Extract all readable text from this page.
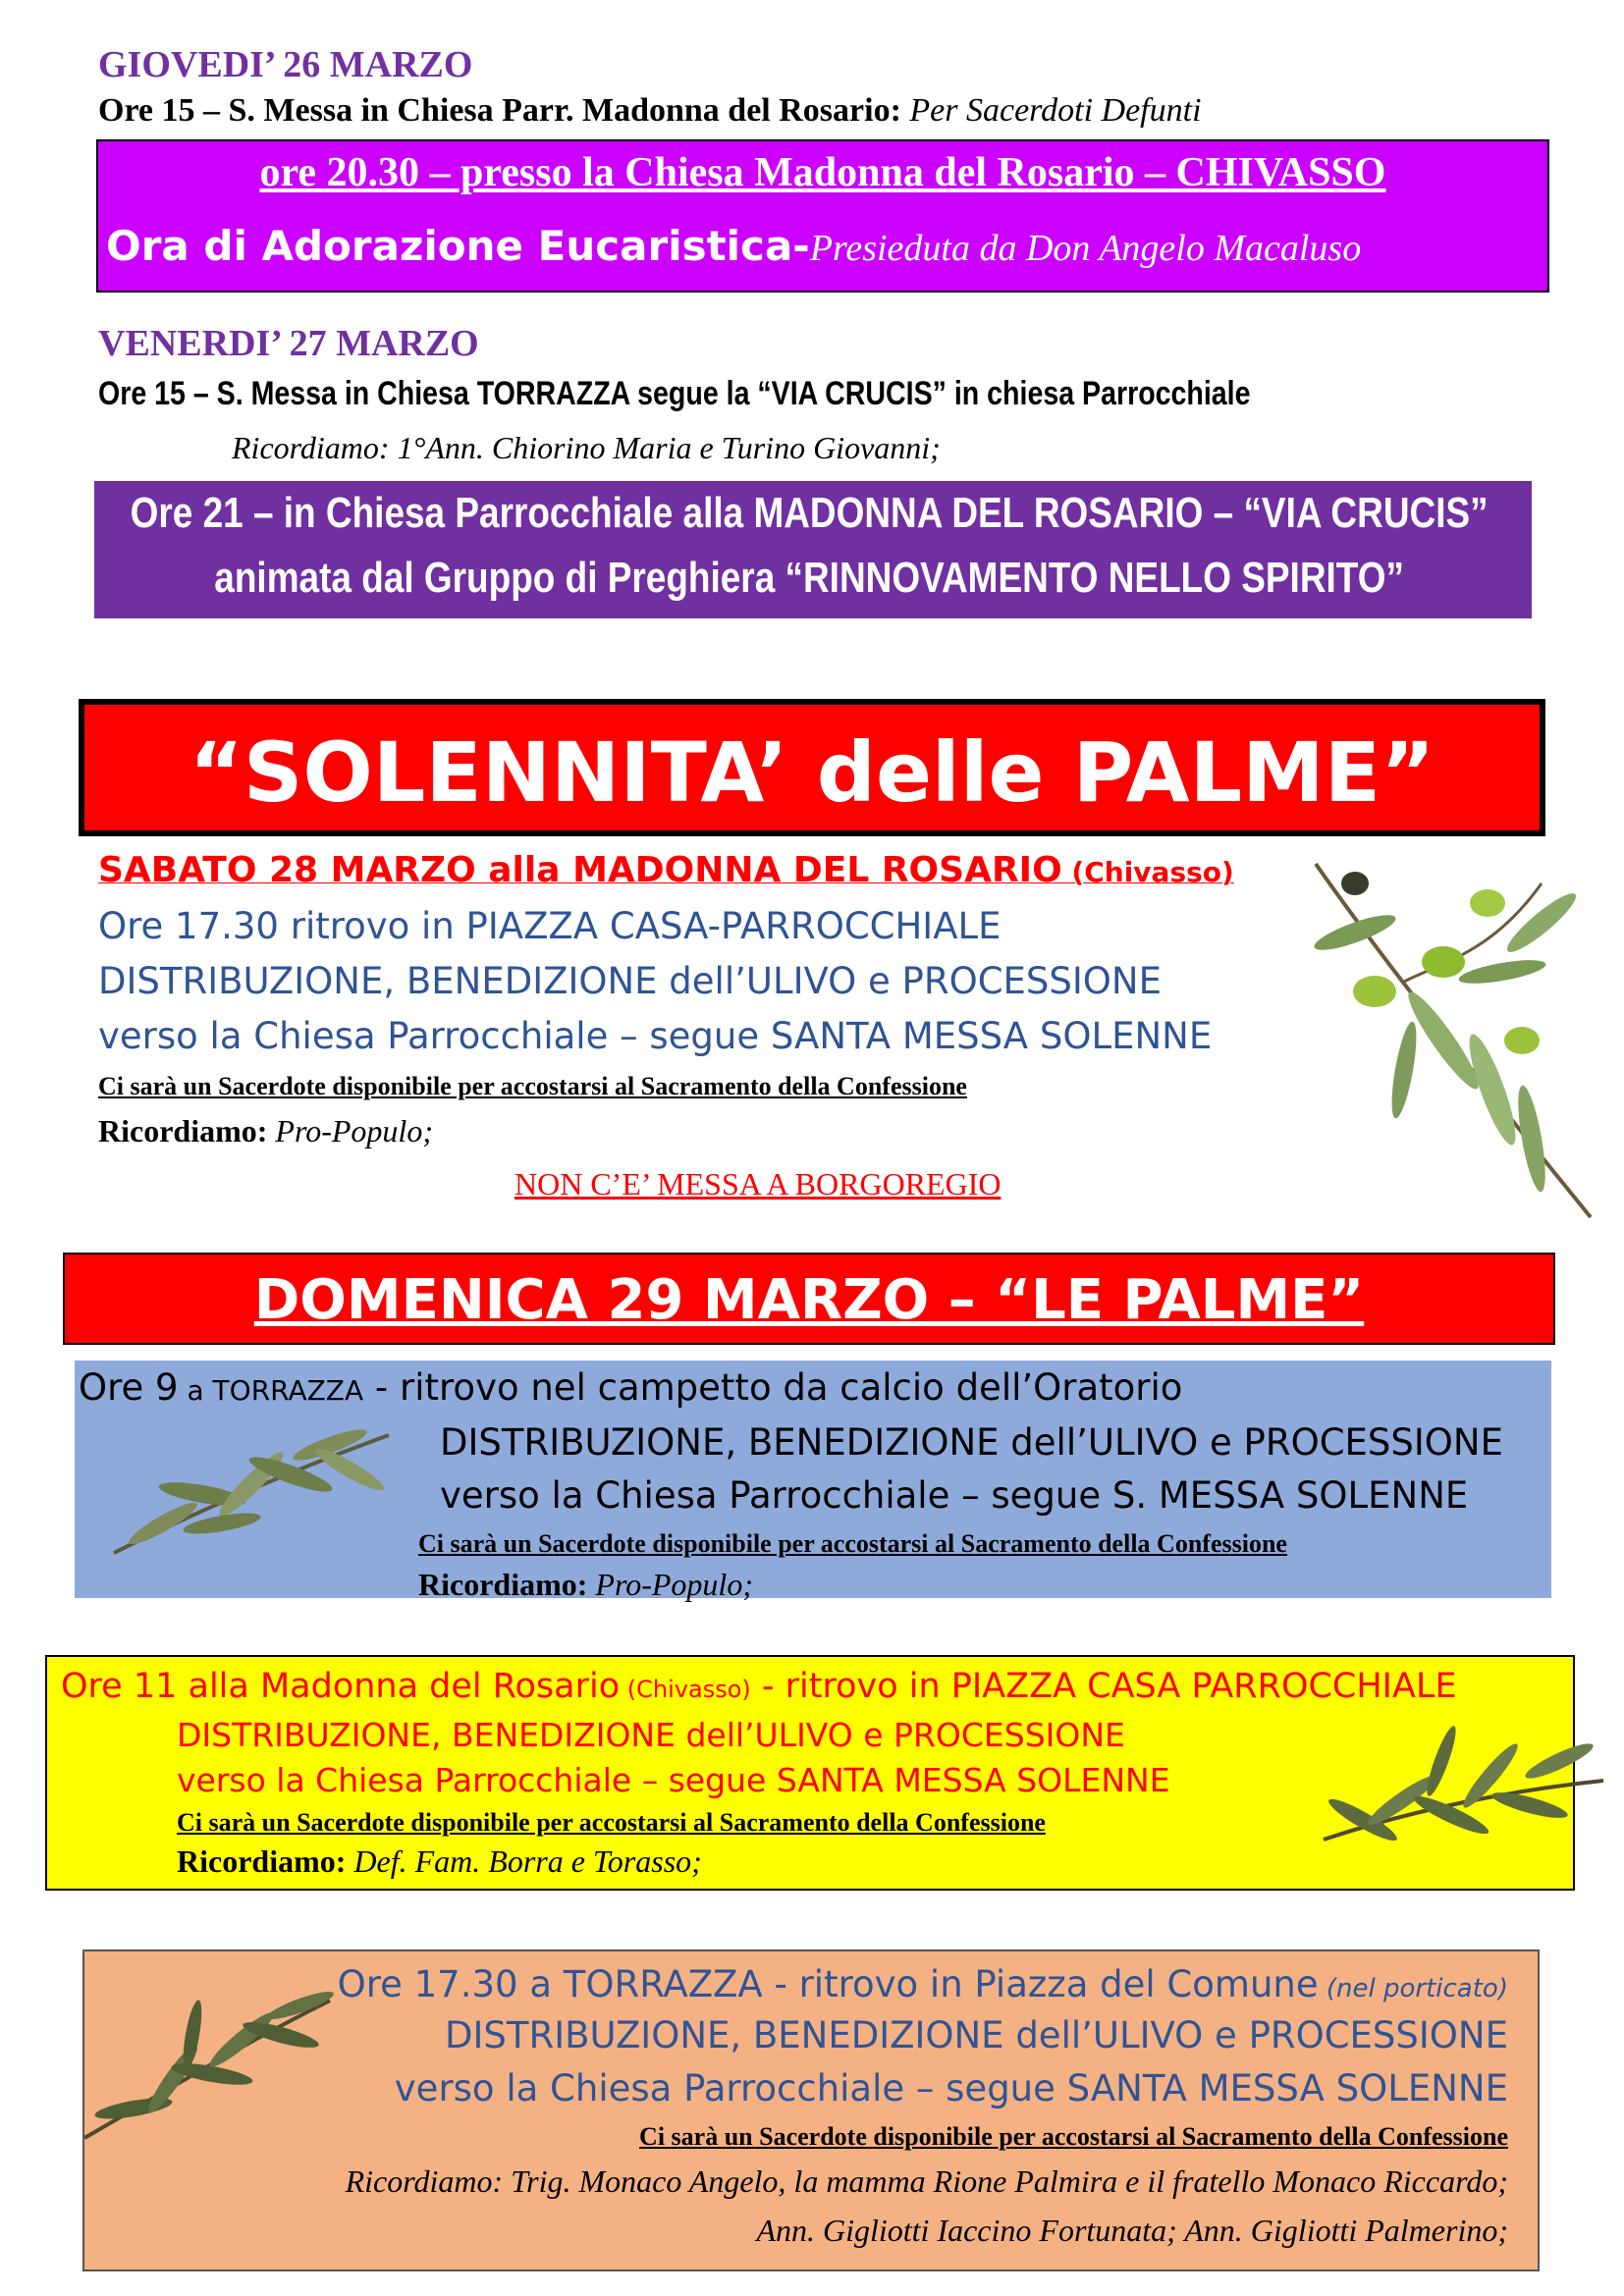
GIOVEDI’ 26 MARZO
Ore 15 – S. Messa in Chiesa Parr. Madonna del Rosario: Per Sacerdoti Defunti
ore 20.30 – presso la Chiesa Madonna del Rosario – CHIVASSO
Ora di Adorazione Eucaristica-Presieduta da Don Angelo Macaluso
VENERDI’ 27 MARZO
Ore 15 – S. Messa in Chiesa TORRAZZA segue la “VIA CRUCIS” in chiesa Parrocchiale
Ricordiamo: 1°Ann. Chiorino Maria e Turino Giovanni;
Ore 21 – in Chiesa Parrocchiale alla MADONNA DEL ROSARIO – “VIA CRUCIS”
animata dal Gruppo di Preghiera “RINNOVAMENTO NELLO SPIRITO”
“SOLENNITA’ delle PALME”
SABATO 28 MARZO alla MADONNA DEL ROSARIO (Chivasso)
Ore 17.30 ritrovo in PIAZZA CASA-PARROCCHIALE
DISTRIBUZIONE, BENEDIZIONE dell’ULIVO e PROCESSIONE
verso la Chiesa Parrocchiale – segue SANTA MESSA SOLENNE
Ci sarà un Sacerdote disponibile per accostarsi al Sacramento della Confessione
Ricordiamo: Pro-Populo;
NON C’E’ MESSA A BORGOREGIO
DOMENICA 29 MARZO – “LE PALME”
Ore 9 a TORRAZZA - ritrovo nel campetto da calcio dell’Oratorio
DISTRIBUZIONE, BENEDIZIONE dell’ULIVO e PROCESSIONE
verso la Chiesa Parrocchiale – segue S. MESSA SOLENNE
Ci sarà un Sacerdote disponibile per accostarsi al Sacramento della Confessione
Ricordiamo: Pro-Populo;
Ore 11 alla Madonna del Rosario (Chivasso) - ritrovo in PIAZZA CASA PARROCCHIALE
DISTRIBUZIONE, BENEDIZIONE dell’ULIVO e PROCESSIONE
verso la Chiesa Parrocchiale – segue SANTA MESSA SOLENNE
Ci sarà un Sacerdote disponibile per accostarsi al Sacramento della Confessione
Ricordiamo: Def. Fam. Borra e Torasso;
Ore 17.30 a TORRAZZA - ritrovo in Piazza del Comune (nel porticato)
DISTRIBUZIONE, BENEDIZIONE dell’ULIVO e PROCESSIONE
verso la Chiesa Parrocchiale – segue SANTA MESSA SOLENNE
Ci sarà un Sacerdote disponibile per accostarsi al Sacramento della Confessione
Ricordiamo: Trig. Monaco Angelo, la mamma Rione Palmira e il fratello Monaco Riccardo;
Ann. Gigliotti Iaccino Fortunata; Ann. Gigliotti Palmerino;
